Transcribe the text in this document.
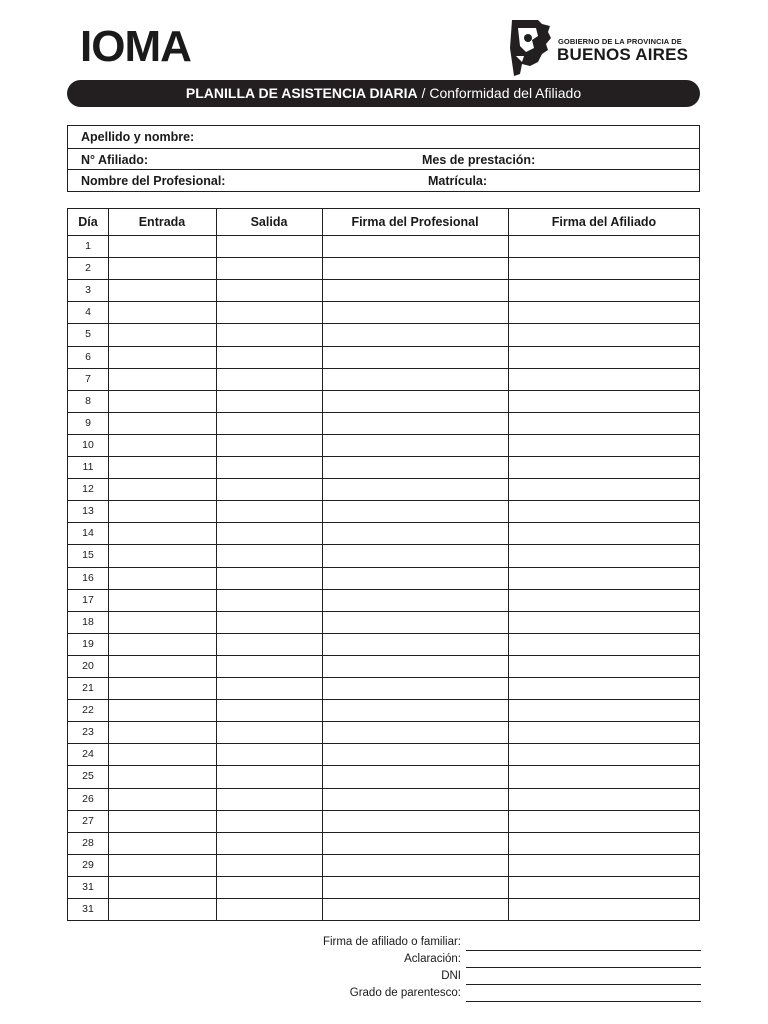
IOMA	GOBIERNO DE LA PROVINCIA DE
BUENOS AIRES
PLANILLA DE ASISTENCIA DIARIA / Conformidad del Afiliado
Apellido y nombre:
N° Afiliado:	Mes de prestación:
Nombre del Profesional:	Matrícula:
Día	Entrada	Salida	Firma del Profesional	Firma del Afiliado
1
2
3
4
5
6
7
8
9
10
11
12
13
14
15
16
17
18
19
20
21
22
23
24
25
26
27
28
29
31
31
Firma de afiliado o familiar:
Aclaración:
DNI
Grado de parentesco:
